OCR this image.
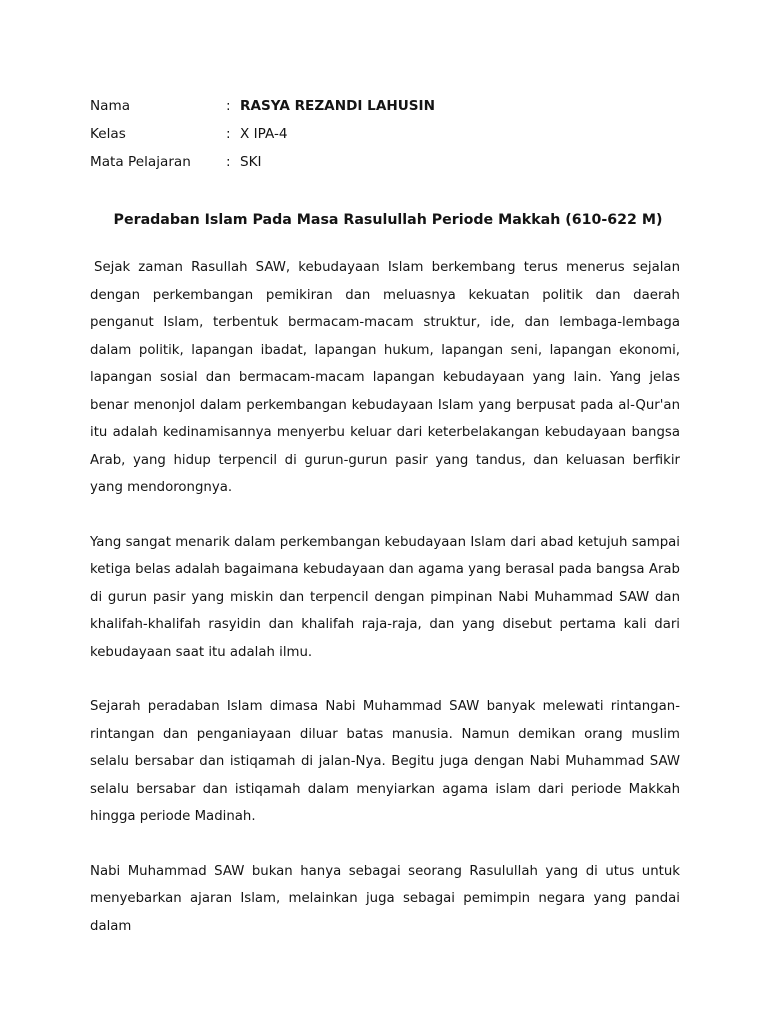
Nama	:	RASYA REZANDI LAHUSIN
Kelas	:	X IPA-4
Mata Pelajaran	:	SKI
Peradaban Islam Pada Masa Rasulullah Periode Makkah (610-622 M)

Sejak zaman Rasullah SAW, kebudayaan Islam berkembang terus menerus sejalan dengan perkembangan pemikiran dan meluasnya kekuatan politik dan daerah penganut Islam, terbentuk bermacam-macam struktur, ide, dan lembaga-lembaga dalam politik, lapangan ibadat, lapangan hukum, lapangan seni, lapangan ekonomi, lapangan sosial dan bermacam-macam lapangan kebudayaan yang lain. Yang jelas benar menonjol dalam perkembangan kebudayaan Islam yang berpusat pada al-Qur'an itu adalah kedinamisannya menyerbu keluar dari keterbelakangan kebudayaan bangsa Arab, yang hidup terpencil di gurun-gurun pasir yang tandus, dan keluasan berfikir yang mendorongnya.

Yang sangat menarik dalam perkembangan kebudayaan Islam dari abad ketujuh sampai ketiga belas adalah bagaimana kebudayaan dan agama yang berasal pada bangsa Arab di gurun pasir yang miskin dan terpencil dengan pimpinan Nabi Muhammad SAW dan khalifah-khalifah rasyidin dan khalifah raja-raja, dan yang disebut pertama kali dari kebudayaan saat itu adalah ilmu.

Sejarah peradaban Islam dimasa Nabi Muhammad SAW banyak melewati rintangan-rintangan dan penganiayaan diluar batas manusia. Namun demikan orang muslim selalu bersabar dan istiqamah di jalan-Nya. Begitu juga dengan Nabi Muhammad SAW selalu bersabar dan istiqamah dalam menyiarkan agama islam dari periode Makkah hingga periode Madinah.

Nabi Muhammad SAW bukan hanya sebagai seorang Rasulullah yang di utus untuk menyebarkan ajaran Islam, melainkan juga sebagai pemimpin negara yang pandai dalam
